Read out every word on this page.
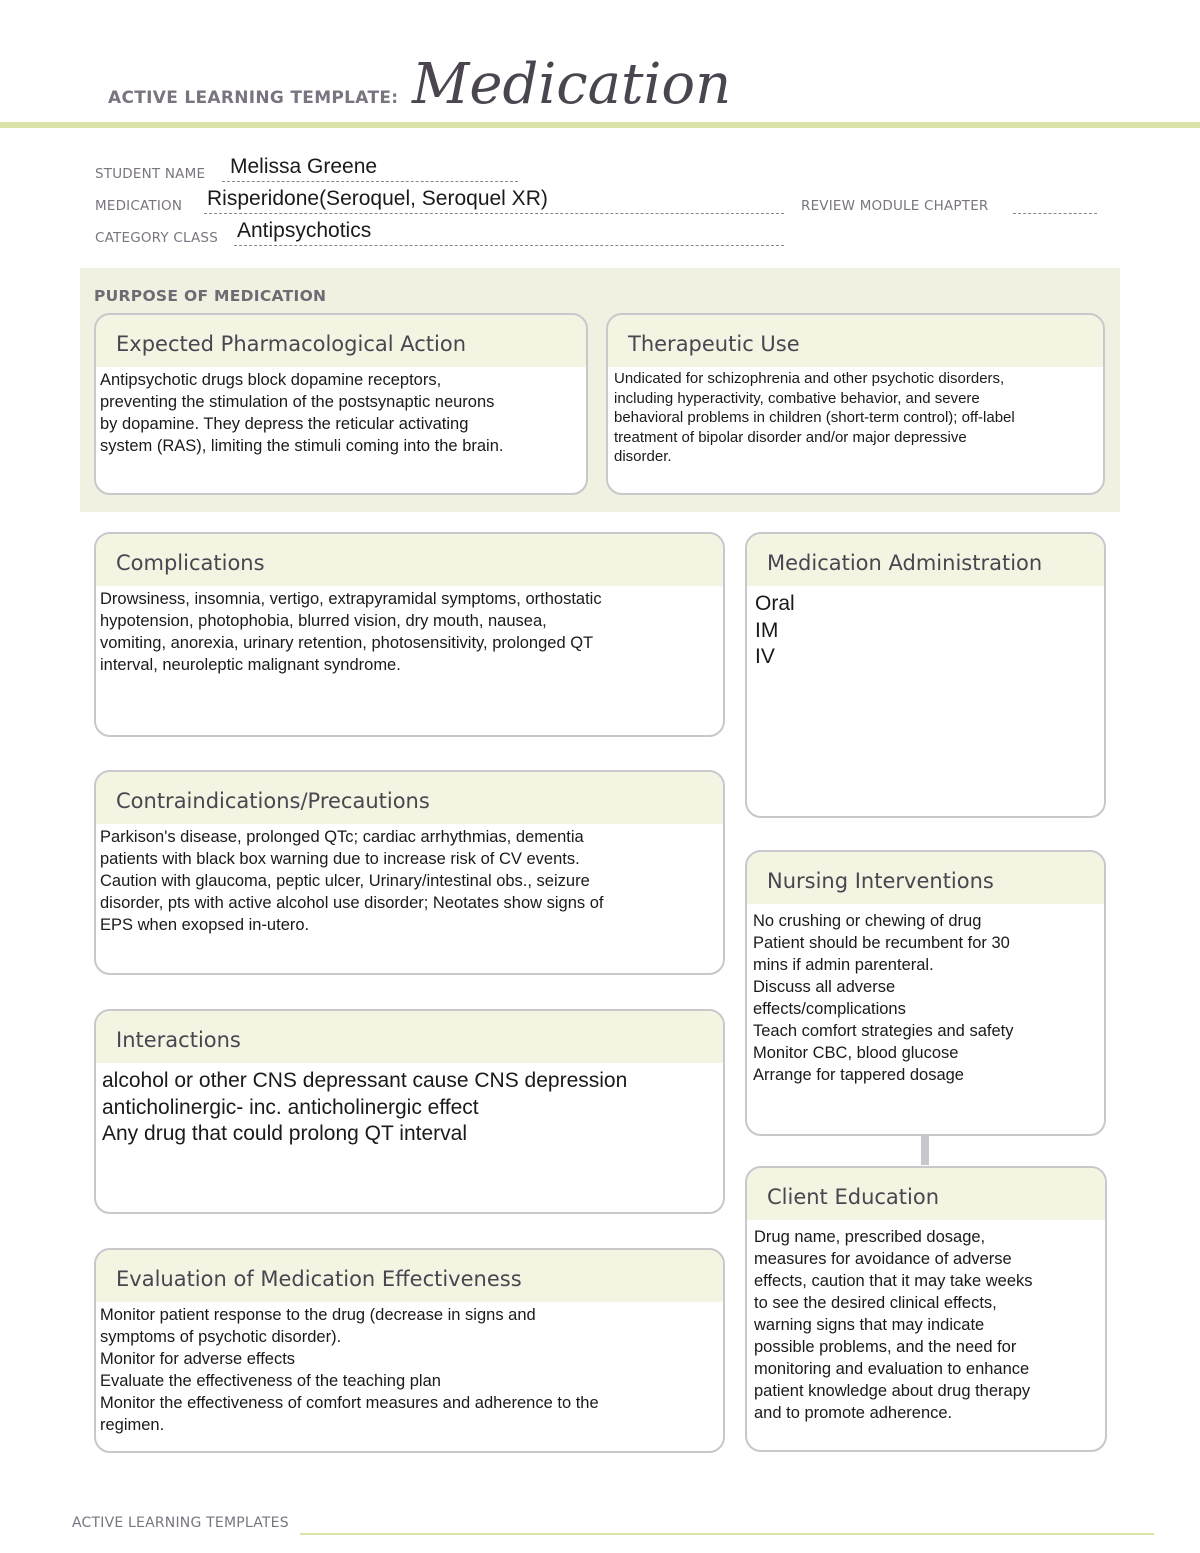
ACTIVE LEARNING TEMPLATE: Medication
STUDENT NAME Melissa Greene
MEDICATION Risperidone(Seroquel, Seroquel XR)	REVIEW MODULE CHAPTER
CATEGORY CLASS Antipsychotics
PURPOSE OF MEDICATION
Expected Pharmacological Action
Antipsychotic drugs block dopamine receptors,
preventing the stimulation of the postsynaptic neurons
by dopamine. They depress the reticular activating
system (RAS), limiting the stimuli coming into the brain.
Therapeutic Use
Undicated for schizophrenia and other psychotic disorders,
including hyperactivity, combative behavior, and severe
behavioral problems in children (short-term control); off-label
treatment of bipolar disorder and/or major depressive
disorder.
Complications
Drowsiness, insomnia, vertigo, extrapyramidal symptoms, orthostatic
hypotension, photophobia, blurred vision, dry mouth, nausea,
vomiting, anorexia, urinary retention, photosensitivity, prolonged QT
interval, neuroleptic malignant syndrome.
Contraindications/Precautions
Parkison's disease, prolonged QTc; cardiac arrhythmias, dementia
patients with black box warning due to increase risk of CV events.
Caution with glaucoma, peptic ulcer, Urinary/intestinal obs., seizure
disorder, pts with active alcohol use disorder; Neotates show signs of
EPS when exopsed in-utero.
Interactions
alcohol or other CNS depressant cause CNS depression
anticholinergic- inc. anticholinergic effect
Any drug that could prolong QT interval
Evaluation of Medication Effectiveness
Monitor patient response to the drug (decrease in signs and
symptoms of psychotic disorder).
Monitor for adverse effects
Evaluate the effectiveness of the teaching plan
Monitor the effectiveness of comfort measures and adherence to the
regimen.
Medication Administration
Oral
IM
IV
Nursing Interventions
No crushing or chewing of drug
Patient should be recumbent for 30
mins if admin parenteral.
Discuss all adverse
effects/complications
Teach comfort strategies and safety
Monitor CBC, blood glucose
Arrange for tappered dosage
Client Education
Drug name, prescribed dosage,
measures for avoidance of adverse
effects, caution that it may take weeks
to see the desired clinical effects,
warning signs that may indicate
possible problems, and the need for
monitoring and evaluation to enhance
patient knowledge about drug therapy
and to promote adherence.
ACTIVE LEARNING TEMPLATES
